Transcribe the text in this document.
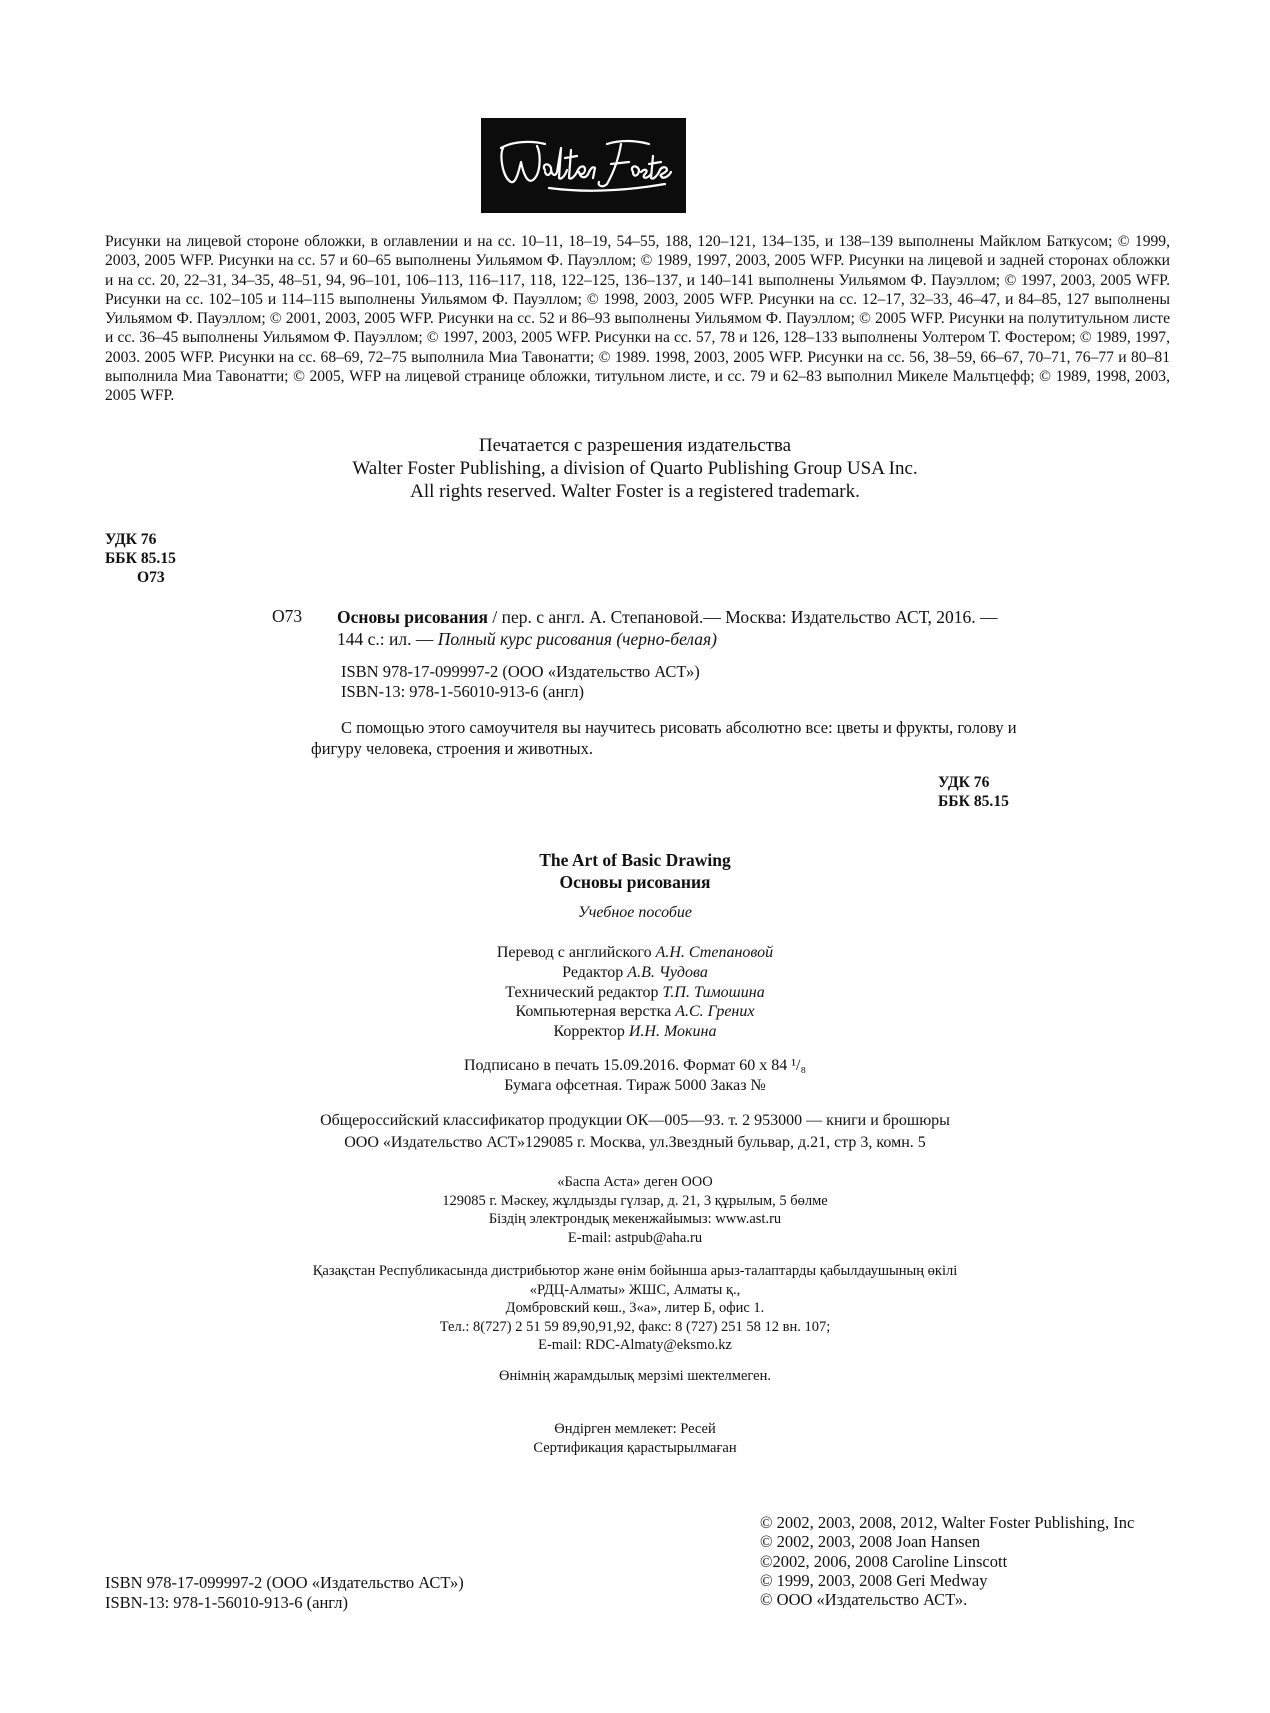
Рисунки на лицевой стороне обложки, в оглавлении и на сс. 10–11, 18–19, 54–55, 188, 120–121, 134–135, и 138–139 выполнены Майклом Баткусом; © 1999, 2003, 2005 WFP. Рисунки на сс. 57 и 60–65 выполнены Уильямом Ф. Пауэллом; © 1989, 1997, 2003, 2005 WFP. Рисунки на лицевой и задней сторонах обложки и на сс. 20, 22–31, 34–35, 48–51, 94, 96–101, 106–113, 116–117, 118, 122–125, 136–137, и 140–141 выполнены Уильямом Ф. Пауэллом; © 1997, 2003, 2005 WFP. Рисунки на сс. 102–105 и 114–115 выполнены Уильямом Ф. Пауэллом; © 1998, 2003, 2005 WFP. Рисунки на сс. 12–17, 32–33, 46–47, и 84–85, 127 выполнены Уильямом Ф. Пауэллом; © 2001, 2003, 2005 WFP. Рисунки на сс. 52 и 86–93 выполнены Уильямом Ф. Пауэллом; © 2005 WFP. Рисунки на полутитульном листе и сс. 36–45 выполнены Уильямом Ф. Пауэллом; © 1997, 2003, 2005 WFP. Рисунки на сс. 57, 78 и 126, 128–133 выполнены Уолтером Т. Фостером; © 1989, 1997, 2003. 2005 WFP. Рисунки на сс. 68–69, 72–75 выполнила Миа Тавонатти; © 1989. 1998, 2003, 2005 WFP. Рисунки на сс. 56, 38–59, 66–67, 70–71, 76–77 и 80–81 выполнила Миа Тавонатти; © 2005, WFP на лицевой странице обложки, титульном листе, и сс. 79 и 62–83 выполнил Микеле Мальтцефф; © 1989, 1998, 2003, 2005 WFP.
Печатается с разрешения издательства
Walter Foster Publishing, a division of Quarto Publishing Group USA Inc.
All rights reserved. Walter Foster is a registered trademark.
УДК 76
ББК 85.15
О73
О73 Основы рисования / пер. с англ. А. Степановой.— Москва: Издательство АСТ, 2016. — 144 с.: ил. — Полный курс рисования (черно-белая)
ISBN 978-17-099997-2 (ООО «Издательство АСТ»)
ISBN-13: 978-1-56010-913-6 (англ)
С помощью этого самоучителя вы научитесь рисовать абсолютно все: цветы и фрукты, голову и фигуру человека, строения и животных.
УДК 76
ББК 85.15
The Art of Basic Drawing
Основы рисования
Учебное пособие
Перевод с английского А.Н. Степановой
Редактор А.В. Чудова
Технический редактор Т.П. Тимошина
Компьютерная верстка А.С. Грених
Корректор И.Н. Мокина
Подписано в печать 15.09.2016. Формат 60 х 84 ¹/₈
Бумага офсетная. Тираж 5000 Заказ №
Общероссийский классификатор продукции ОК—005—93. т. 2 953000 — книги и брошюры
ООО «Издательство АСТ»129085 г. Москва, ул.Звездный бульвар, д.21, стр 3, комн. 5
«Баспа Аста» деген ООО
129085 г. Мәскеу, жұлдызды гүлзар, д. 21, 3 құрылым, 5 бөлме
Біздің электрондық мекенжайымыз: www.ast.ru
E-mail: astpub@aha.ru
Қазақстан Республикасында дистрибьютор және өнім бойынша арыз-талаптарды қабылдаушының өкілі
«РДЦ-Алматы» ЖШС, Алматы қ.,
Домбровский көш., 3«а», литер Б, офис 1.
Тел.: 8(727) 2 51 59 89,90,91,92, факс: 8 (727) 251 58 12 вн. 107;
E-mail: RDC-Almaty@eksmo.kz
Өнімнің жарамдылық мерзімі шектелмеген.
Өндірген мемлекет: Ресей
Сертификация қарастырылмаған
© 2002, 2003, 2008, 2012, Walter Foster Publishing, Inc
© 2002, 2003, 2008 Joan Hansen
©2002, 2006, 2008 Caroline Linscott
© 1999, 2003, 2008 Geri Medway
© ООО «Издательство АСТ».
ISBN 978-17-099997-2 (ООО «Издательство АСТ»)
ISBN-13: 978-1-56010-913-6 (англ)
